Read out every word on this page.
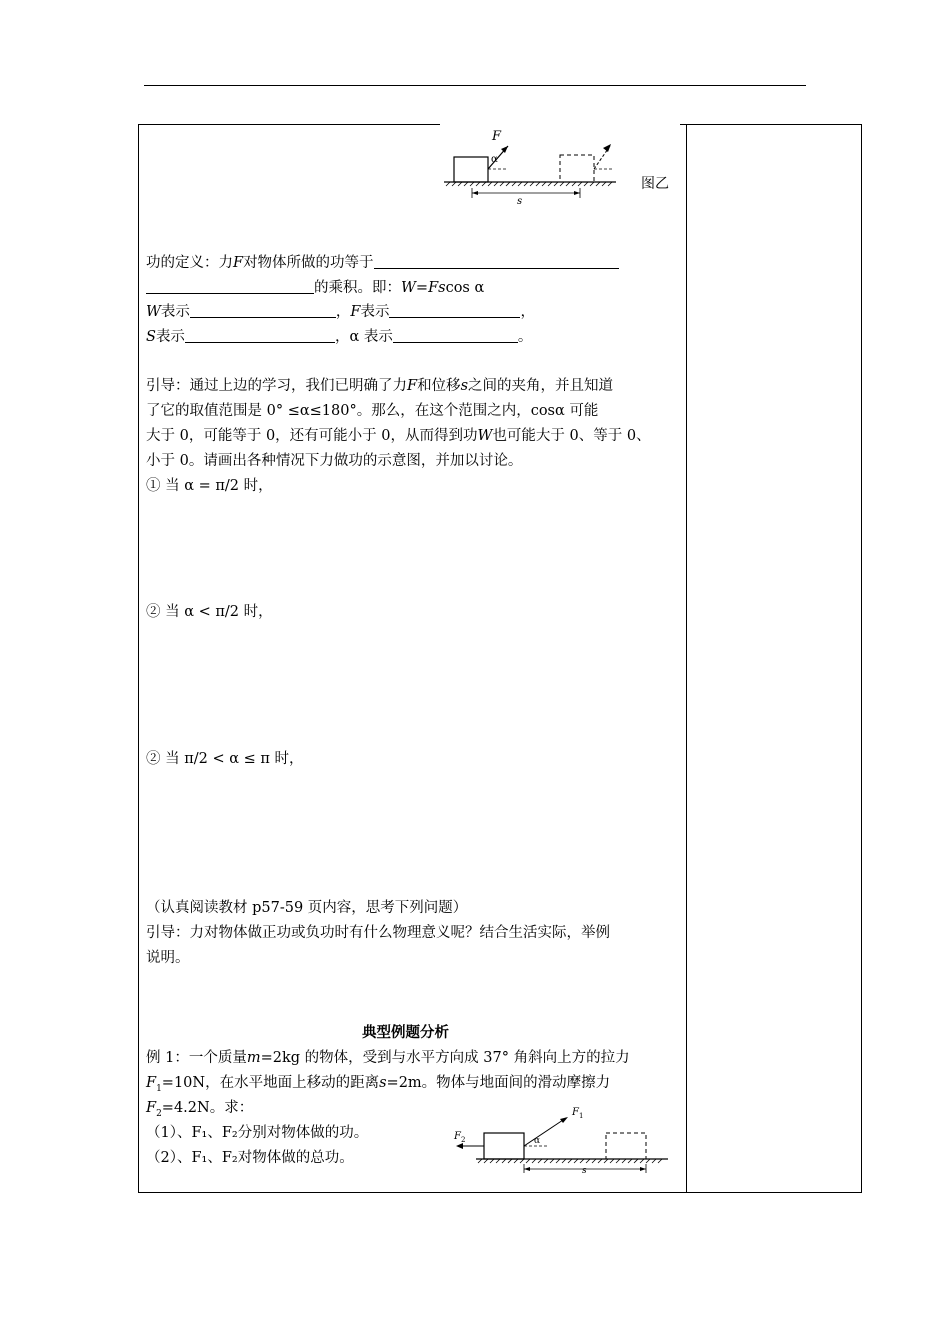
F
α
s
图乙
功的定义：力F对物体所做的功等于
的乘积。即：W=Fscos α
W表示	，F表示	，
S表示	，α 表示	。
引导：通过上边的学习，我们已明确了力F和位移s之间的夹角，并且知道
了它的取值范围是 0° ≤α≤180°。那么，在这个范围之内，cosα 可能
大于 0，可能等于 0，还有可能小于 0，从而得到功W也可能大于 0、等于 0、
小于 0。请画出各种情况下力做功的示意图，并加以讨论。
① 当 α = π/2 时，
② 当 α < π/2 时，
② 当 π/2 < α ≤ π 时，
（认真阅读教材 p57-59 页内容，思考下列问题）
引导：力对物体做正功或负功时有什么物理意义呢？结合生活实际，举例
说明。
典型例题分析
例 1：一个质量m=2kg 的物体，受到与水平方向成 37° 角斜向上方的拉力
$F_1=10N$，在水平地面上移动的距离s=2m。物体与地面间的滑动摩擦力
$F_2=4.2N$。求：
（1）、F₁、F₂分别对物体做的功。
（2）、F₁、F₂对物体做的总功。
$F_2$	α
$F_1$
s
